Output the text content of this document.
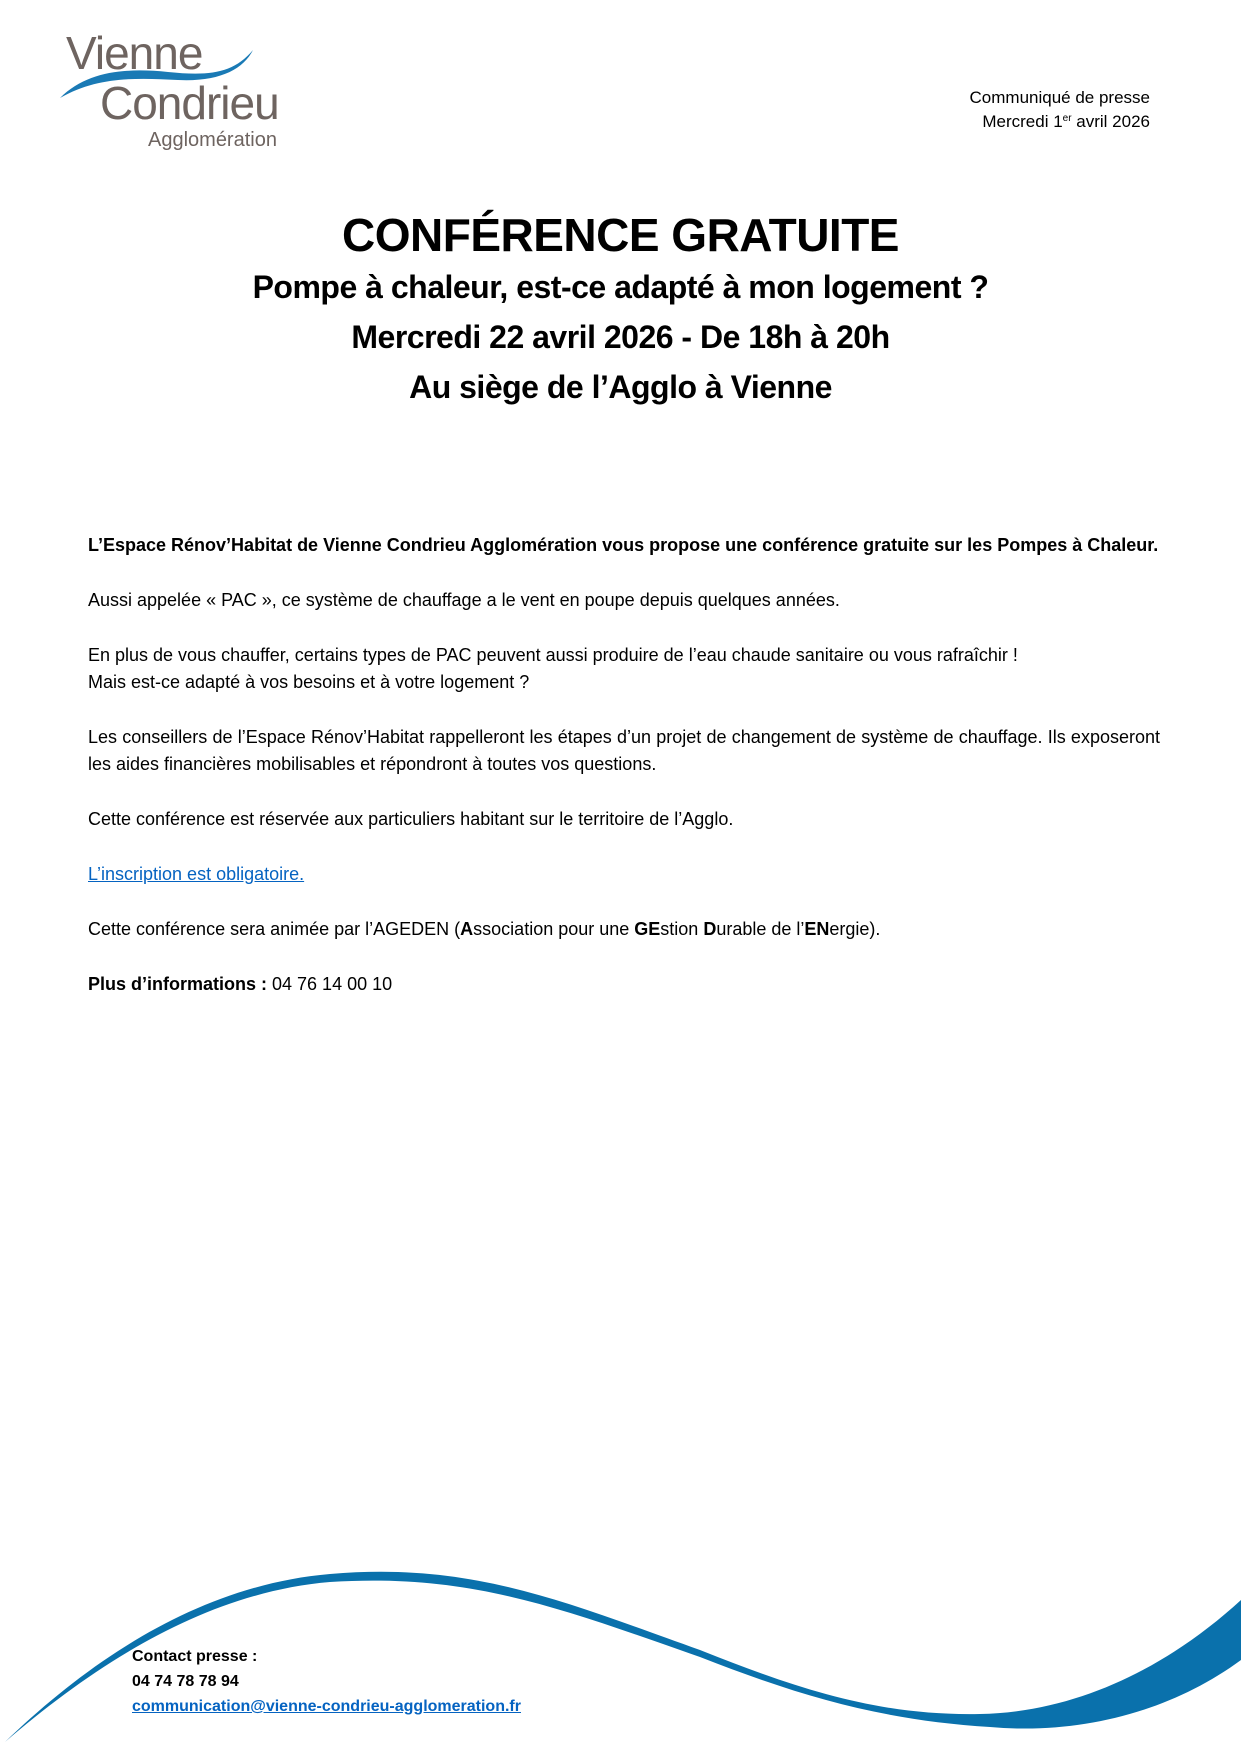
Vienne
Condrieu
Agglomération
Communiqué de presse
Mercredi 1er avril 2026
CONFÉRENCE GRATUITE
Pompe à chaleur, est-ce adapté à mon logement ?
Mercredi 22 avril 2026 - De 18h à 20h
Au siège de l’Agglo à Vienne

L’Espace Rénov’Habitat de Vienne Condrieu Agglomération vous propose une conférence gratuite sur les Pompes à Chaleur.

Aussi appelée « PAC », ce système de chauffage a le vent en poupe depuis quelques années.

En plus de vous chauffer, certains types de PAC peuvent aussi produire de l’eau chaude sanitaire ou vous rafraîchir !
Mais est-ce adapté à vos besoins et à votre logement ?

Les conseillers de l’Espace Rénov’Habitat rappelleront les étapes d’un projet de changement de système de chauffage. Ils exposeront les aides financières mobilisables et répondront à toutes vos questions.

Cette conférence est réservée aux particuliers habitant sur le territoire de l’Agglo.

L’inscription est obligatoire.

Cette conférence sera animée par l’AGEDEN (Association pour une GEstion Durable de l’ENergie).

Plus d’informations : 04 76 14 00 10

Contact presse :
04 74 78 78 94
communication@vienne-condrieu-agglomeration.fr
